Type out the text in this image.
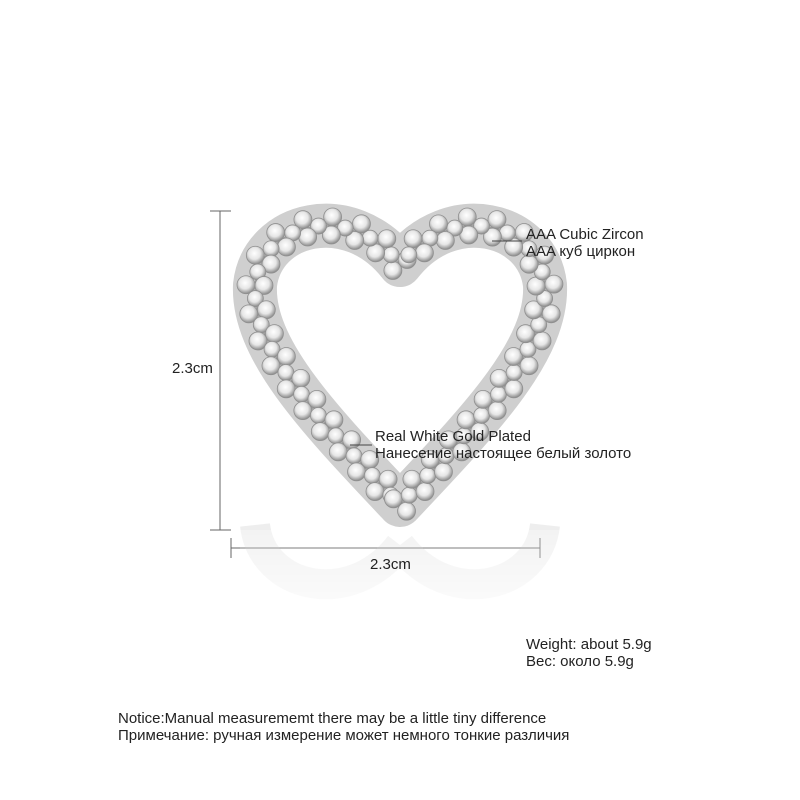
2.3cm
2.3cm
AAA Cubic Zircon
AAA куб циркон
Real White Gold Plated
Нанесение настоящее белый золото
Weight: about 5.9g
Вес: около 5.9g
Notice:Manual measurememt there may be a little tiny difference
Примечание: ручная измерение может немного тонкие различия
